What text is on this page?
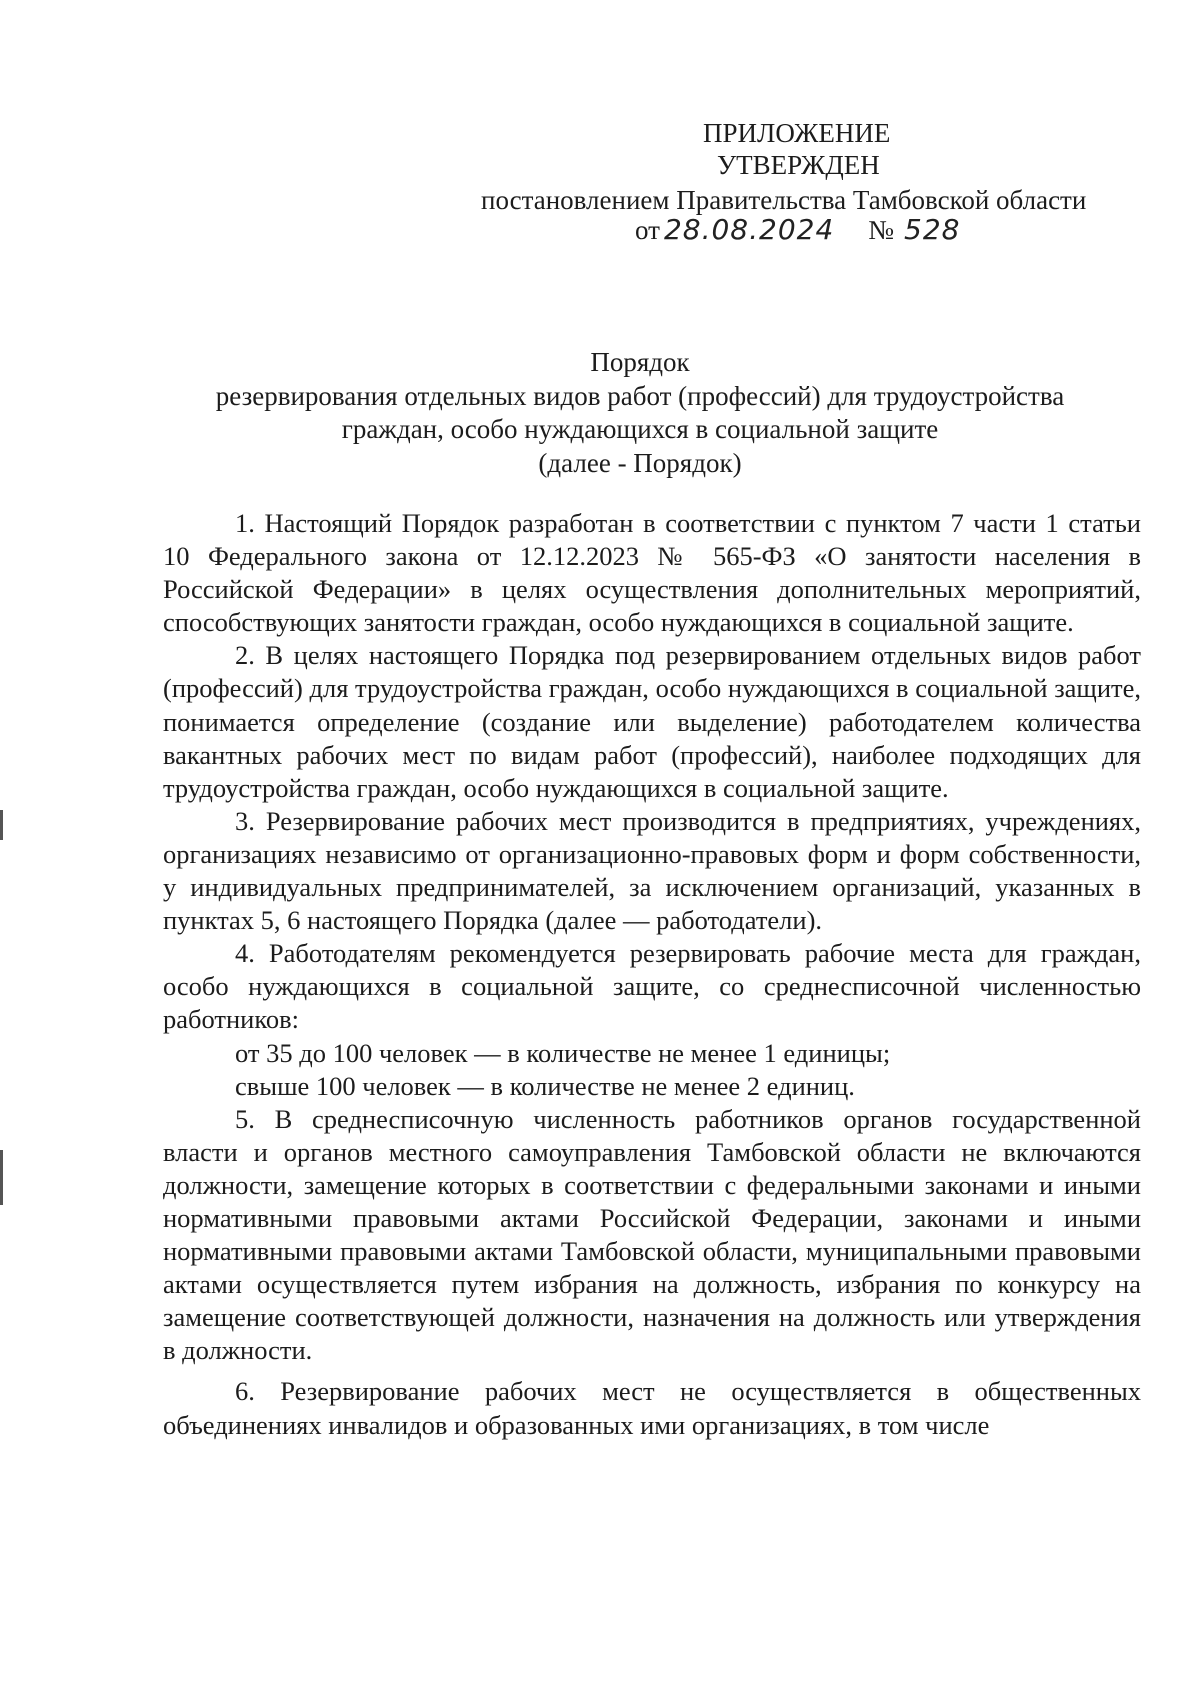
ПРИЛОЖЕНИЕ
УТВЕРЖДЕН
постановлением Правительства Тамбовской области
от 28.08.2024 № 528
Порядок
резервирования отдельных видов работ (профессий) для трудоустройства
граждан, особо нуждающихся в социальной защите
(далее - Порядок)

1. Настоящий Порядок разработан в соответствии с пунктом 7 части 1 статьи 10 Федерального закона от 12.12.2023 № 565-ФЗ «О занятости населения в Российской Федерации» в целях осуществления дополнительных мероприятий, способствующих занятости граждан, особо нуждающихся в социальной защите.

2. В целях настоящего Порядка под резервированием отдельных видов работ (профессий) для трудоустройства граждан, особо нуждающихся в социальной защите, понимается определение (создание или выделение) работодателем количества вакантных рабочих мест по видам работ (профессий), наиболее подходящих для трудоустройства граждан, особо нуждающихся в социальной защите.

3. Резервирование рабочих мест производится в предприятиях, учреждениях, организациях независимо от организационно-правовых форм и форм собственности, у индивидуальных предпринимателей, за исключением организаций, указанных в пунктах 5, 6 настоящего Порядка (далее — работодатели).

4. Работодателям рекомендуется резервировать рабочие места для граждан, особо нуждающихся в социальной защите, со среднесписочной численностью работников:

от 35 до 100 человек — в количестве не менее 1 единицы;

свыше 100 человек — в количестве не менее 2 единиц.

5. В среднесписочную численность работников органов государственной власти и органов местного самоуправления Тамбовской области не включаются должности, замещение которых в соответствии с федеральными законами и иными нормативными правовыми актами Российской Федерации, законами и иными нормативными правовыми актами Тамбовской области, муниципальными правовыми актами осуществляется путем избрания на должность, избрания по конкурсу на замещение соответствующей должности, назначения на должность или утверждения в должности.

6. Резервирование рабочих мест не осуществляется в общественных объединениях инвалидов и образованных ими организациях, в том числе
